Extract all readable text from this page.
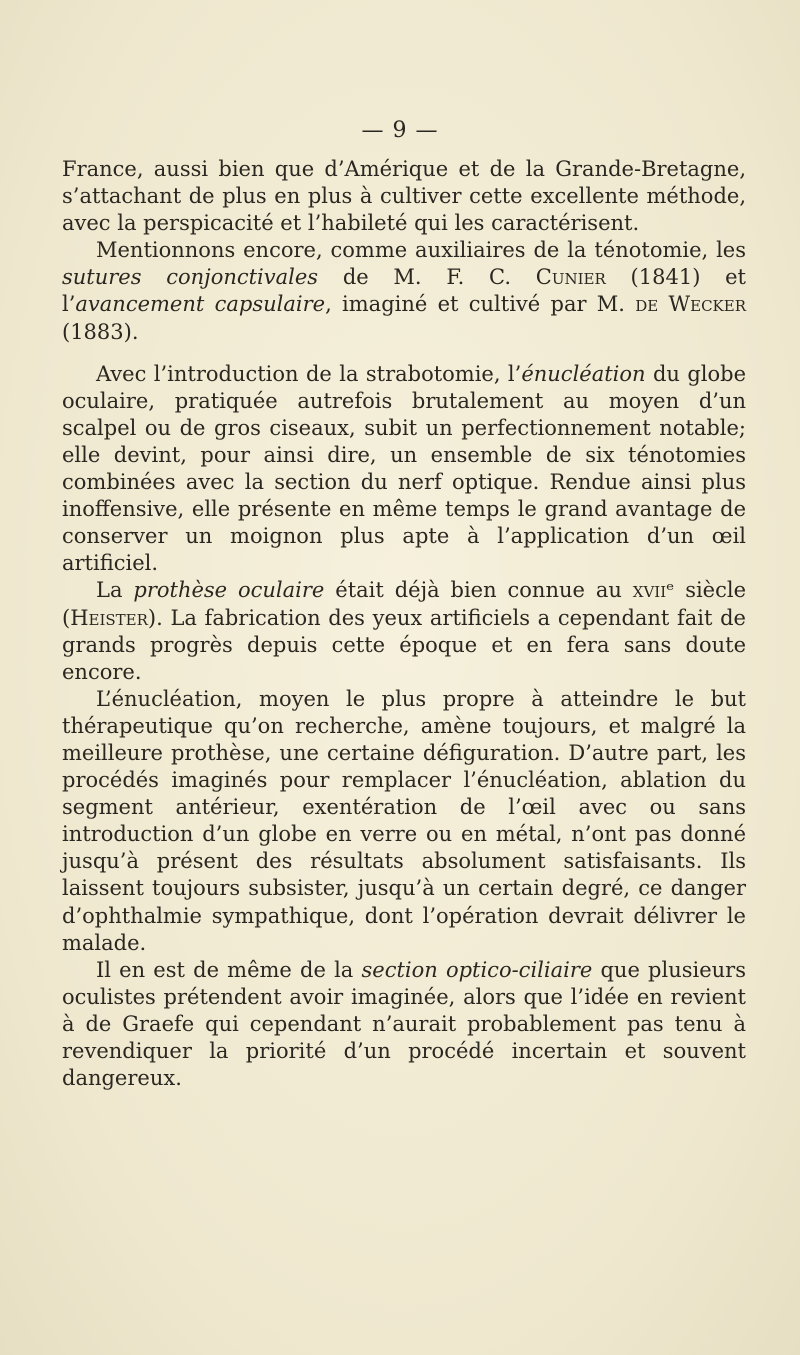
— 9 —

France, aussi bien que d’Amérique et de la Grande-Bretagne, s’attachant de plus en plus à cultiver cette excellente méthode, avec la perspicacité et l’habileté qui les caractérisent.

Mentionnons encore, comme auxiliaires de la ténotomie, les sutures conjonctivales de M. F. C. Cunier (1841) et l’avancement capsulaire, imaginé et cultivé par M. de Wecker (1883).

Avec l’introduction de la strabotomie, l’énucléation du globe oculaire, pratiquée autrefois brutalement au moyen d’un scalpel ou de gros ciseaux, subit un perfectionnement notable; elle devint, pour ainsi dire, un ensemble de six ténotomies combinées avec la section du nerf optique. Rendue ainsi plus inoffensive, elle présente en même temps le grand avantage de conserver un moignon plus apte à l’application d’un œil artificiel.

La prothèse oculaire était déjà bien connue au xviiᵉ siècle (Heister). La fabrication des yeux artificiels a cependant fait de grands progrès depuis cette époque et en fera sans doute encore.

L’énucléation, moyen le plus propre à atteindre le but thérapeutique qu’on recherche, amène toujours, et malgré la meilleure prothèse, une certaine défiguration. D’autre part, les procédés imaginés pour remplacer l’énucléation, ablation du segment antérieur, exentération de l’œil avec ou sans introduction d’un globe en verre ou en métal, n’ont pas donné jusqu’à présent des résultats absolument satisfaisants. Ils laissent toujours subsister, jusqu’à un certain degré, ce danger d’ophthalmie sympathique, dont l’opération devrait délivrer le malade.

Il en est de même de la section optico-ciliaire que plusieurs oculistes prétendent avoir imaginée, alors que l’idée en revient à de Graefe qui cependant n’aurait probablement pas tenu à revendiquer la priorité d’un procédé incertain et souvent dangereux.
